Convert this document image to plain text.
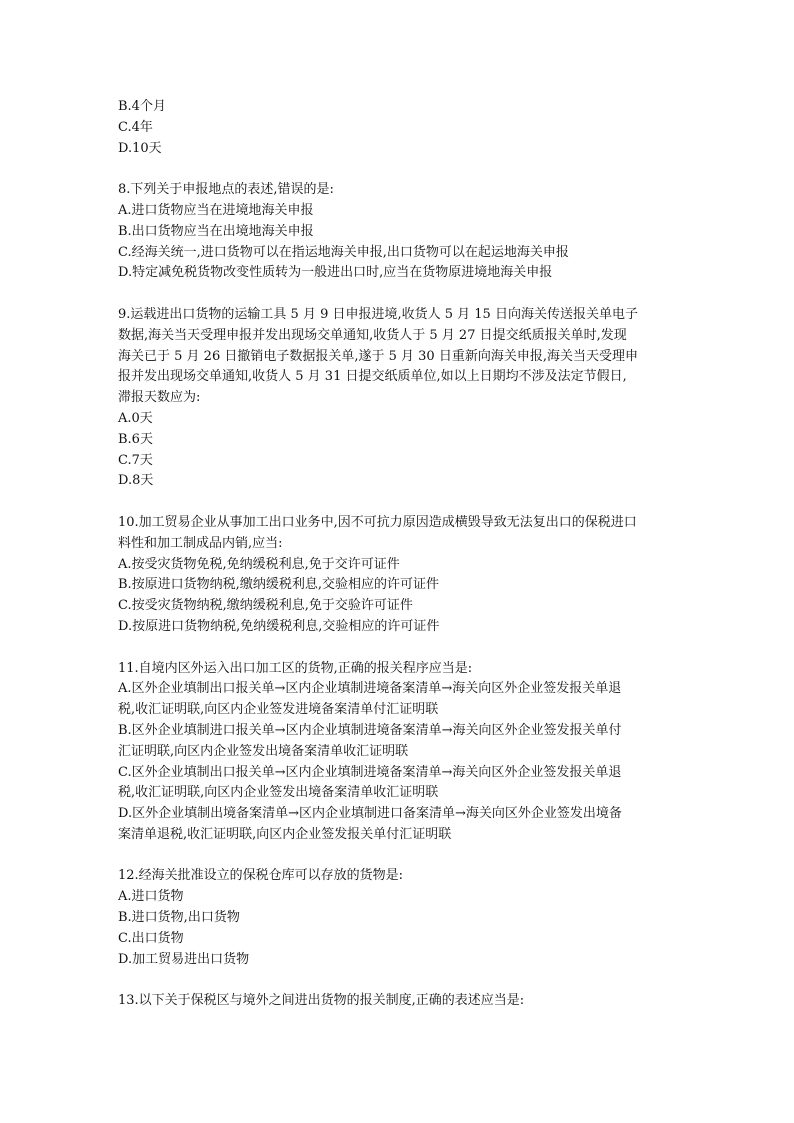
B.4个月
C.4年
D.10天
8.下列关于申报地点的表述,错误的是:
A.进口货物应当在进境地海关申报
B.出口货物应当在出境地海关申报
C.经海关统一,进口货物可以在指运地海关申报,出口货物可以在起运地海关申报
D.特定减免税货物改变性质转为一般进出口时,应当在货物原进境地海关申报
9.运载进出口货物的运输工具 5 月 9 日申报进境,收货人 5 月 15 日向海关传送报关单电子
数据,海关当天受理申报并发出现场交单通知,收货人于 5 月 27 日提交纸质报关单时,发现
海关已于 5 月 26 日撤销电子数据报关单,遂于 5 月 30 日重新向海关申报,海关当天受理申
报并发出现场交单通知,收货人 5 月 31 日提交纸质单位,如以上日期均不涉及法定节假日,
滞报天数应为:
A.0天
B.6天
C.7天
D.8天
10.加工贸易企业从事加工出口业务中,因不可抗力原因造成横毁导致无法复出口的保税进口
料性和加工制成品内销,应当:
A.按受灾货物免税,免纳缓税利息,免于交许可证件
B.按原进口货物纳税,缴纳缓税利息,交验相应的许可证件
C.按受灾货物纳税,缴纳缓税利息,免于交验许可证件
D.按原进口货物纳税,免纳缓税利息,交验相应的许可证件
11.自境内区外运入出口加工区的货物,正确的报关程序应当是:
A.区外企业填制出口报关单→区内企业填制进境备案清单→海关向区外企业签发报关单退
税,收汇证明联,向区内企业签发进境备案清单付汇证明联
B.区外企业填制进口报关单→区内企业填制进境备案清单→海关向区外企业签发报关单付
汇证明联,向区内企业签发出境备案清单收汇证明联
C.区外企业填制出口报关单→区内企业填制进境备案清单→海关向区外企业签发报关单退
税,收汇证明联,向区内企业签发出境备案清单收汇证明联
D.区外企业填制出境备案清单→区内企业填制进口备案清单→海关向区外企业签发出境备
案清单退税,收汇证明联,向区内企业签发报关单付汇证明联
12.经海关批准设立的保税仓库可以存放的货物是:
A.进口货物
B.进口货物,出口货物
C.出口货物
D.加工贸易进出口货物
13.以下关于保税区与境外之间进出货物的报关制度,正确的表述应当是:
